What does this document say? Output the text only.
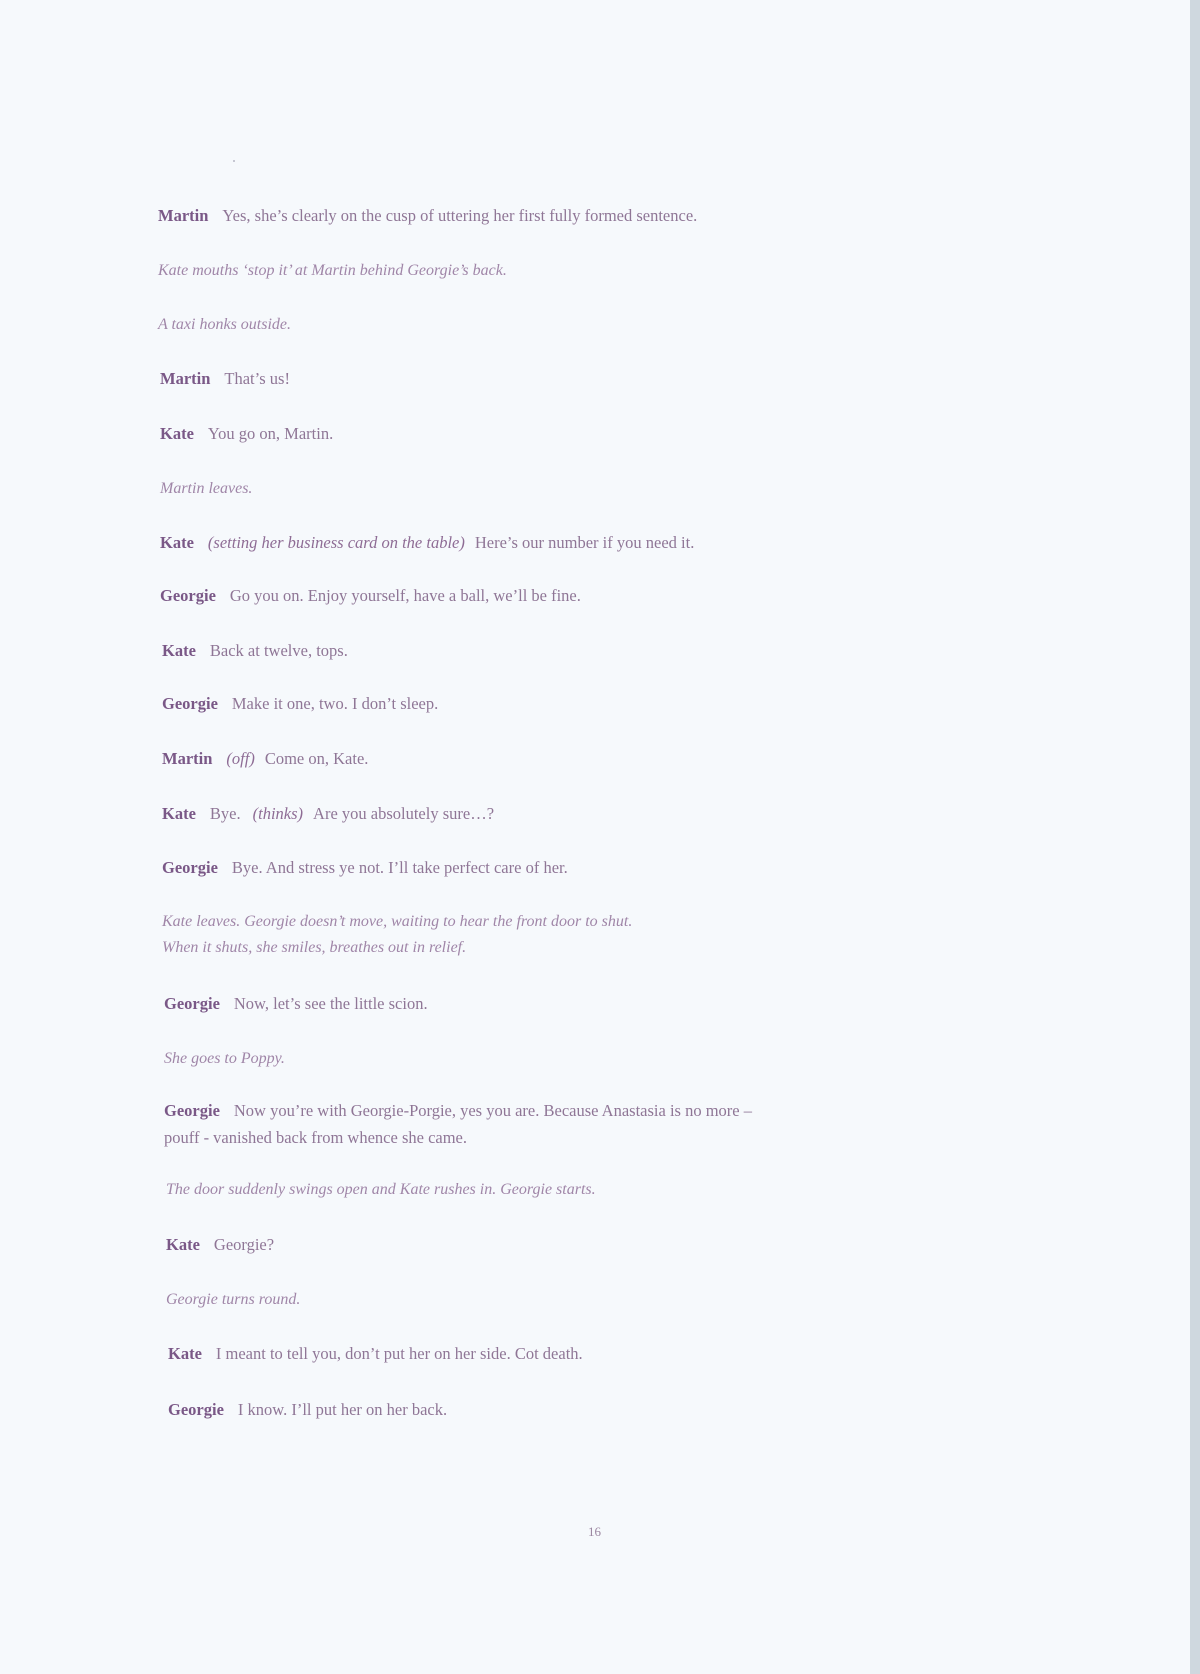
Martin Yes, she’s clearly on the cusp of uttering her first fully formed sentence.
Kate mouths ‘stop it’ at Martin behind Georgie’s back.
A taxi honks outside.
Martin That’s us!
Kate You go on, Martin.
Martin leaves.
Kate (setting her business card on the table) Here’s our number if you need it.
Georgie Go you on. Enjoy yourself, have a ball, we’ll be fine.
Kate Back at twelve, tops.
Georgie Make it one, two. I don’t sleep.
Martin (off) Come on, Kate.
Kate Bye. (thinks) Are you absolutely sure…?
Georgie Bye. And stress ye not. I’ll take perfect care of her.
Kate leaves. Georgie doesn’t move, waiting to hear the front door to shut.
When it shuts, she smiles, breathes out in relief.
Georgie Now, let’s see the little scion.
She goes to Poppy.
Georgie Now you’re with Georgie-Porgie, yes you are. Because Anastasia is no more –
pouff - vanished back from whence she came.
The door suddenly swings open and Kate rushes in. Georgie starts.
Kate Georgie?
Georgie turns round.
Kate I meant to tell you, don’t put her on her side. Cot death.
Georgie I know. I’ll put her on her back.
16
